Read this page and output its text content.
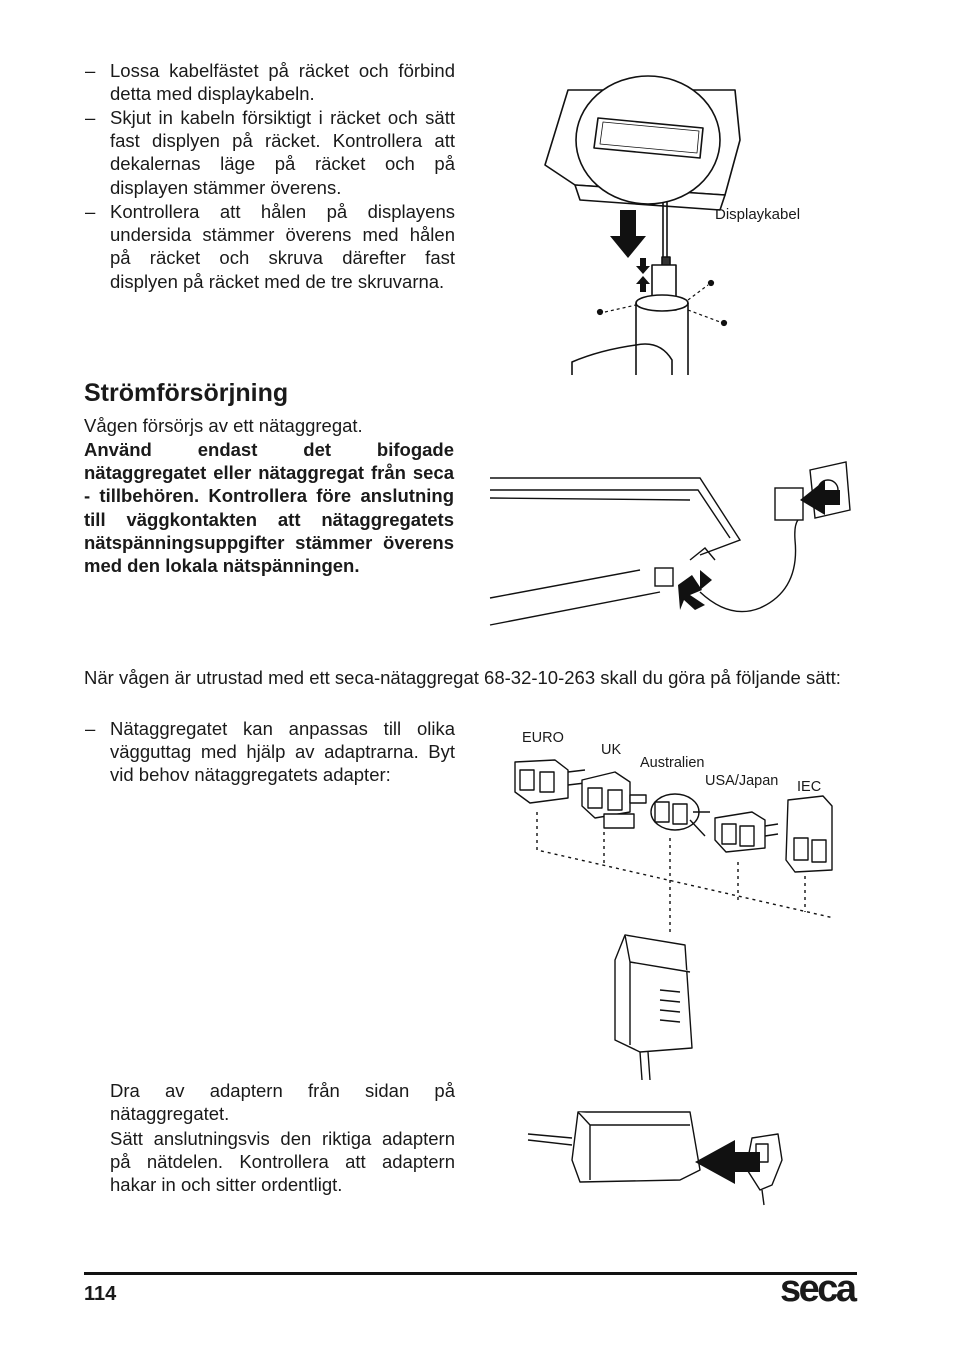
– Lossa kabelfästet på räcket och förbind detta med displaykabeln.
– Skjut in kabeln försiktigt i räcket och sätt fast displyen på räcket. Kontrollera att dekalernas läge på räcket och på displayen stämmer överens.
– Kontrollera att hålen på displayens undersida stämmer överens med hålen på räcket och skruva därefter fast displyen på räcket med de tre skruvarna.
Displaykabel
Strömförsörjning
Vågen försörjs av ett nätaggregat.
Använd endast det bifogade nätaggregatet eller nätaggregat från seca - tillbehören. Kontrollera före anslutning till väggkontakten att nätaggregatets nätspänningsuppgifter stämmer överens med den lokala nätspänningen.
När vågen är utrustad med ett seca-nätaggregat 68-32-10-263 skall du göra på följande sätt:
– Nätaggregatet kan anpassas till olika vägguttag med hjälp av adaptrarna. Byt vid behov nätaggregatets adapter:
EURO
UK
Australien
USA/Japan IEC
Dra av adaptern från sidan på nätaggregatet.
Sätt anslutningsvis den riktiga adaptern på nätdelen. Kontrollera att adaptern hakar in och sitter ordentligt.
114	seca
